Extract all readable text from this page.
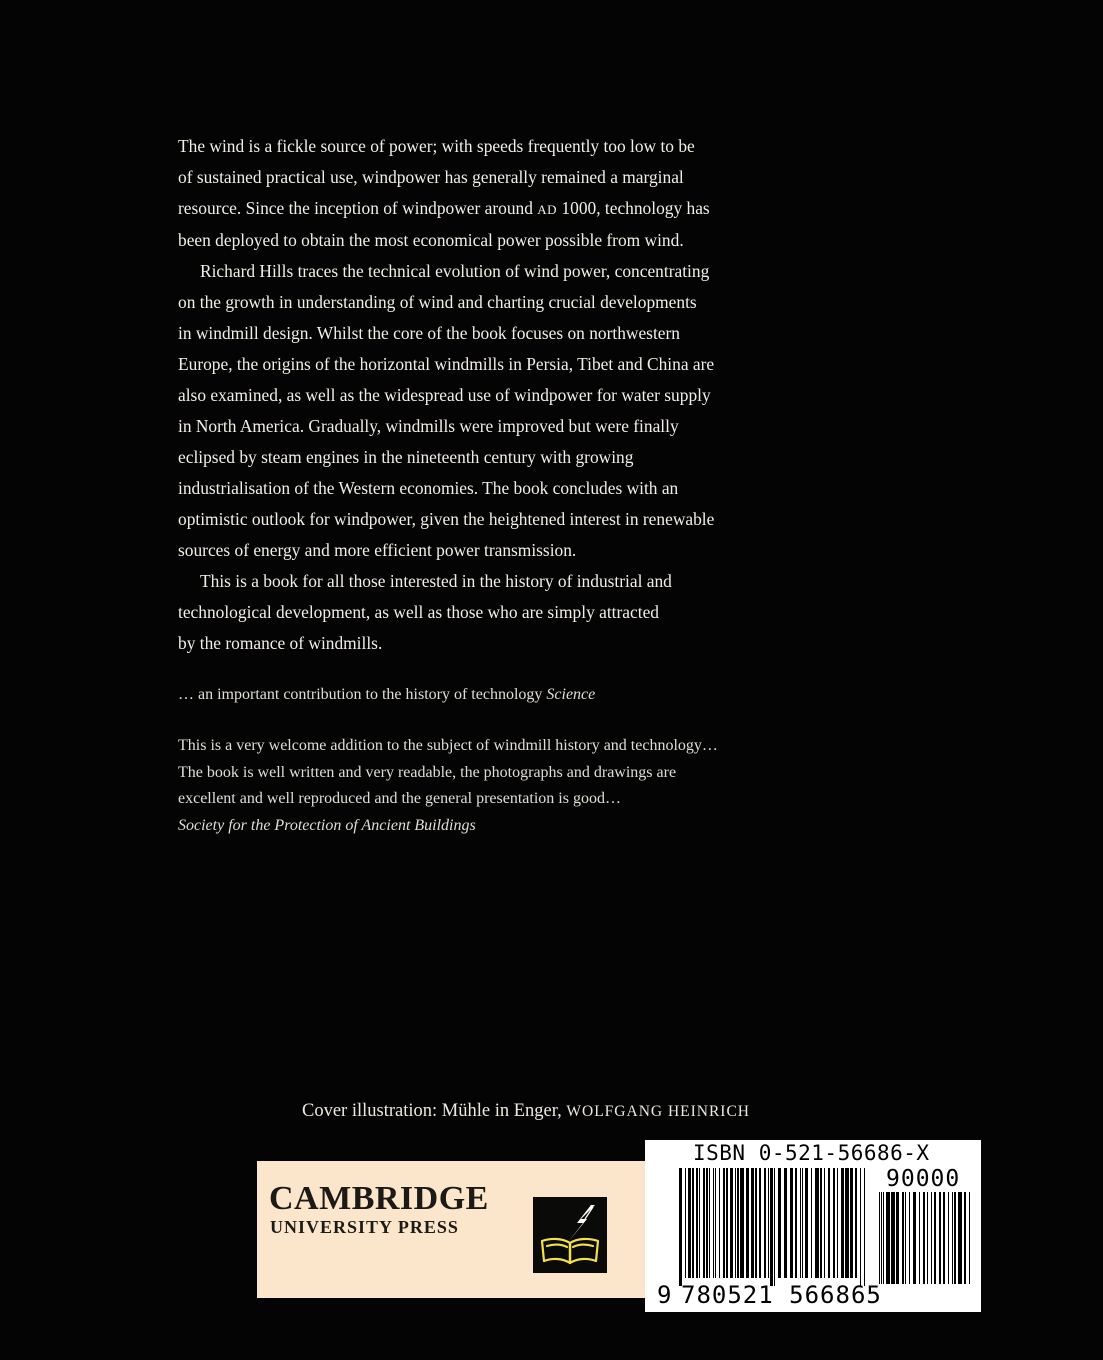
The wind is a fickle source of power; with speeds frequently too low to be
of sustained practical use, windpower has generally remained a marginal
resource. Since the inception of windpower around AD 1000, technology has
been deployed to obtain the most economical power possible from wind.

Richard Hills traces the technical evolution of wind power, concentrating
on the growth in understanding of wind and charting crucial developments
in windmill design. Whilst the core of the book focuses on northwestern
Europe, the origins of the horizontal windmills in Persia, Tibet and China are
also examined, as well as the widespread use of windpower for water supply
in North America. Gradually, windmills were improved but were finally
eclipsed by steam engines in the nineteenth century with growing
industrialisation of the Western economies. The book concludes with an
optimistic outlook for windpower, given the heightened interest in renewable
sources of energy and more efficient power transmission.

This is a book for all those interested in the history of industrial and
technological development, as well as those who are simply attracted
by the romance of windmills.

… an important contribution to the history of technology Science

This is a very welcome addition to the subject of windmill history and technology…

The book is well written and very readable, the photographs and drawings are

excellent and well reproduced and the general presentation is good…

Society for the Protection of Ancient Buildings

Cover illustration: Mühle in Enger, WOLFGANG HEINRICH

CAMBRIDGE

UNIVERSITY PRESS

ISBN 0-521-56686-X
90000
9 780521 566865
